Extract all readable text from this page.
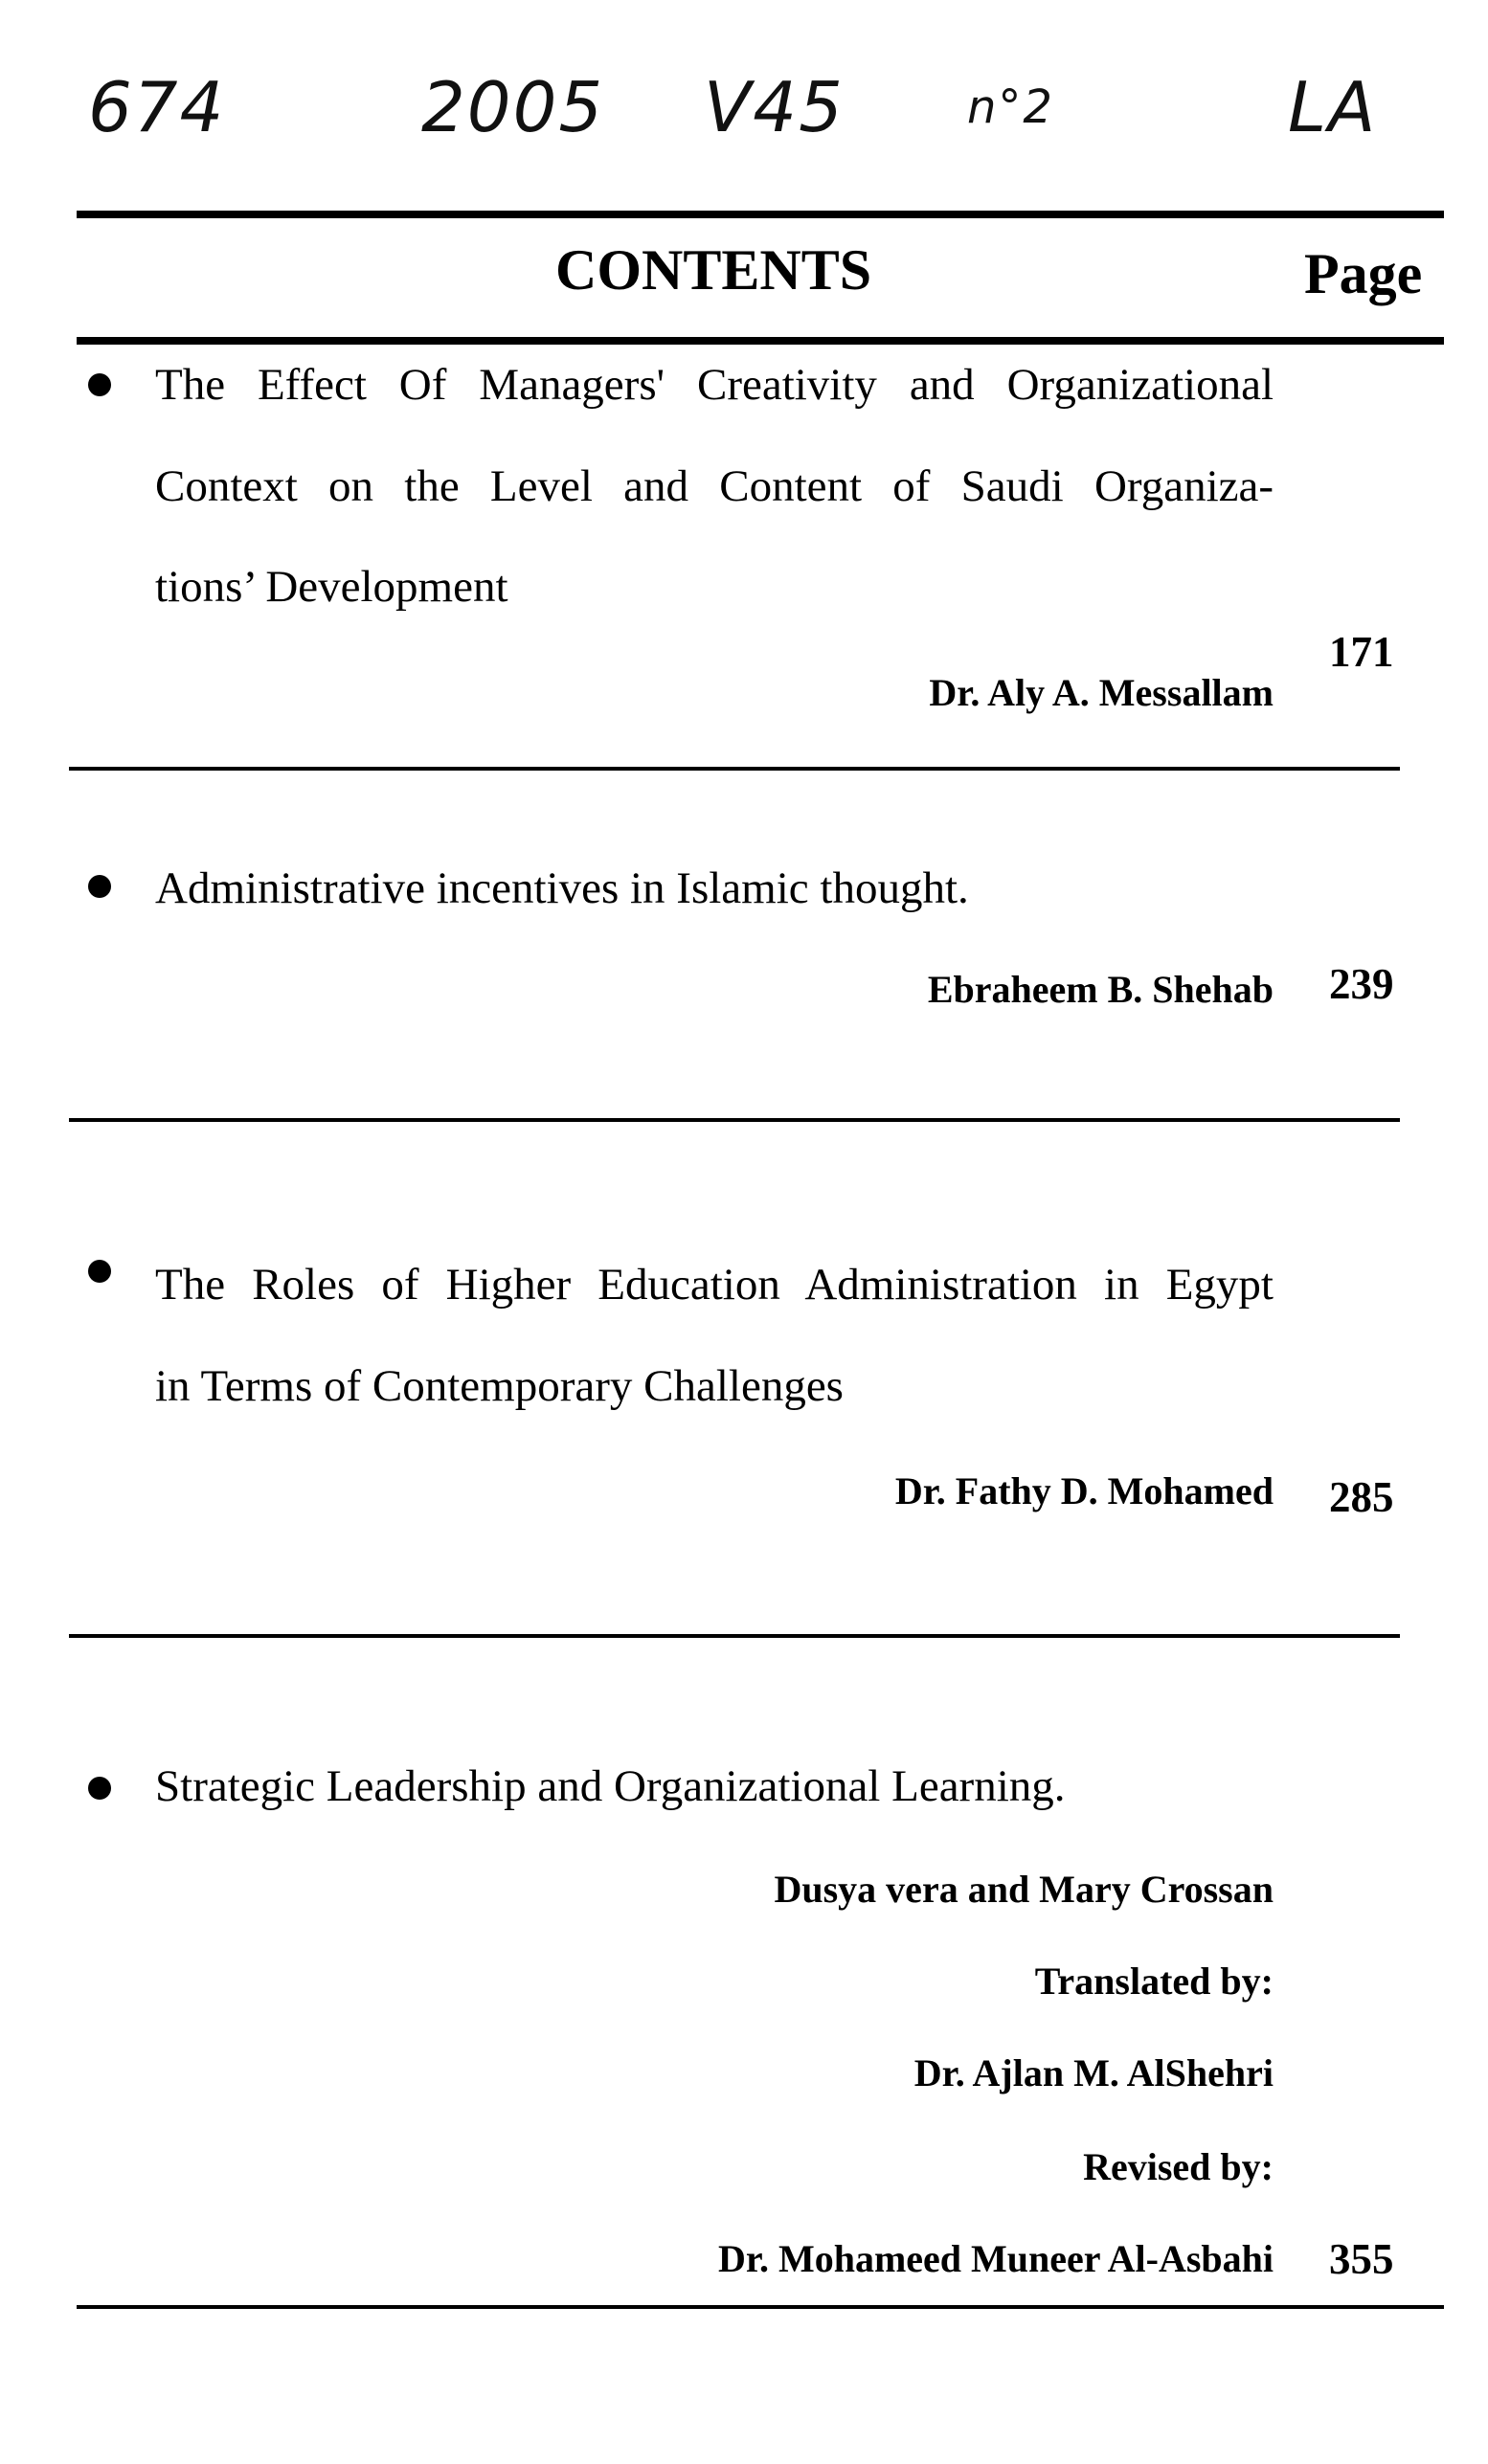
674	2005 V45	n°2	LA
CONTENTS	Page
The Effect Of Managers' Creativity and Organizational
Context on the Level and Content of Saudi Organiza-
tions’ Development
Dr. Aly A. Messallam
171
Administrative incentives in Islamic thought.
Ebraheem B. Shehab 239
The Roles of Higher Education Administration in Egypt
in Terms of Contemporary Challenges
Dr. Fathy D. Mohamed 285
Strategic Leadership and Organizational Learning.
Dusya vera and Mary Crossan
Translated by:
Dr. Ajlan M. AlShehri
Revised by:
Dr. Mohameed Muneer Al-Asbahi 355
